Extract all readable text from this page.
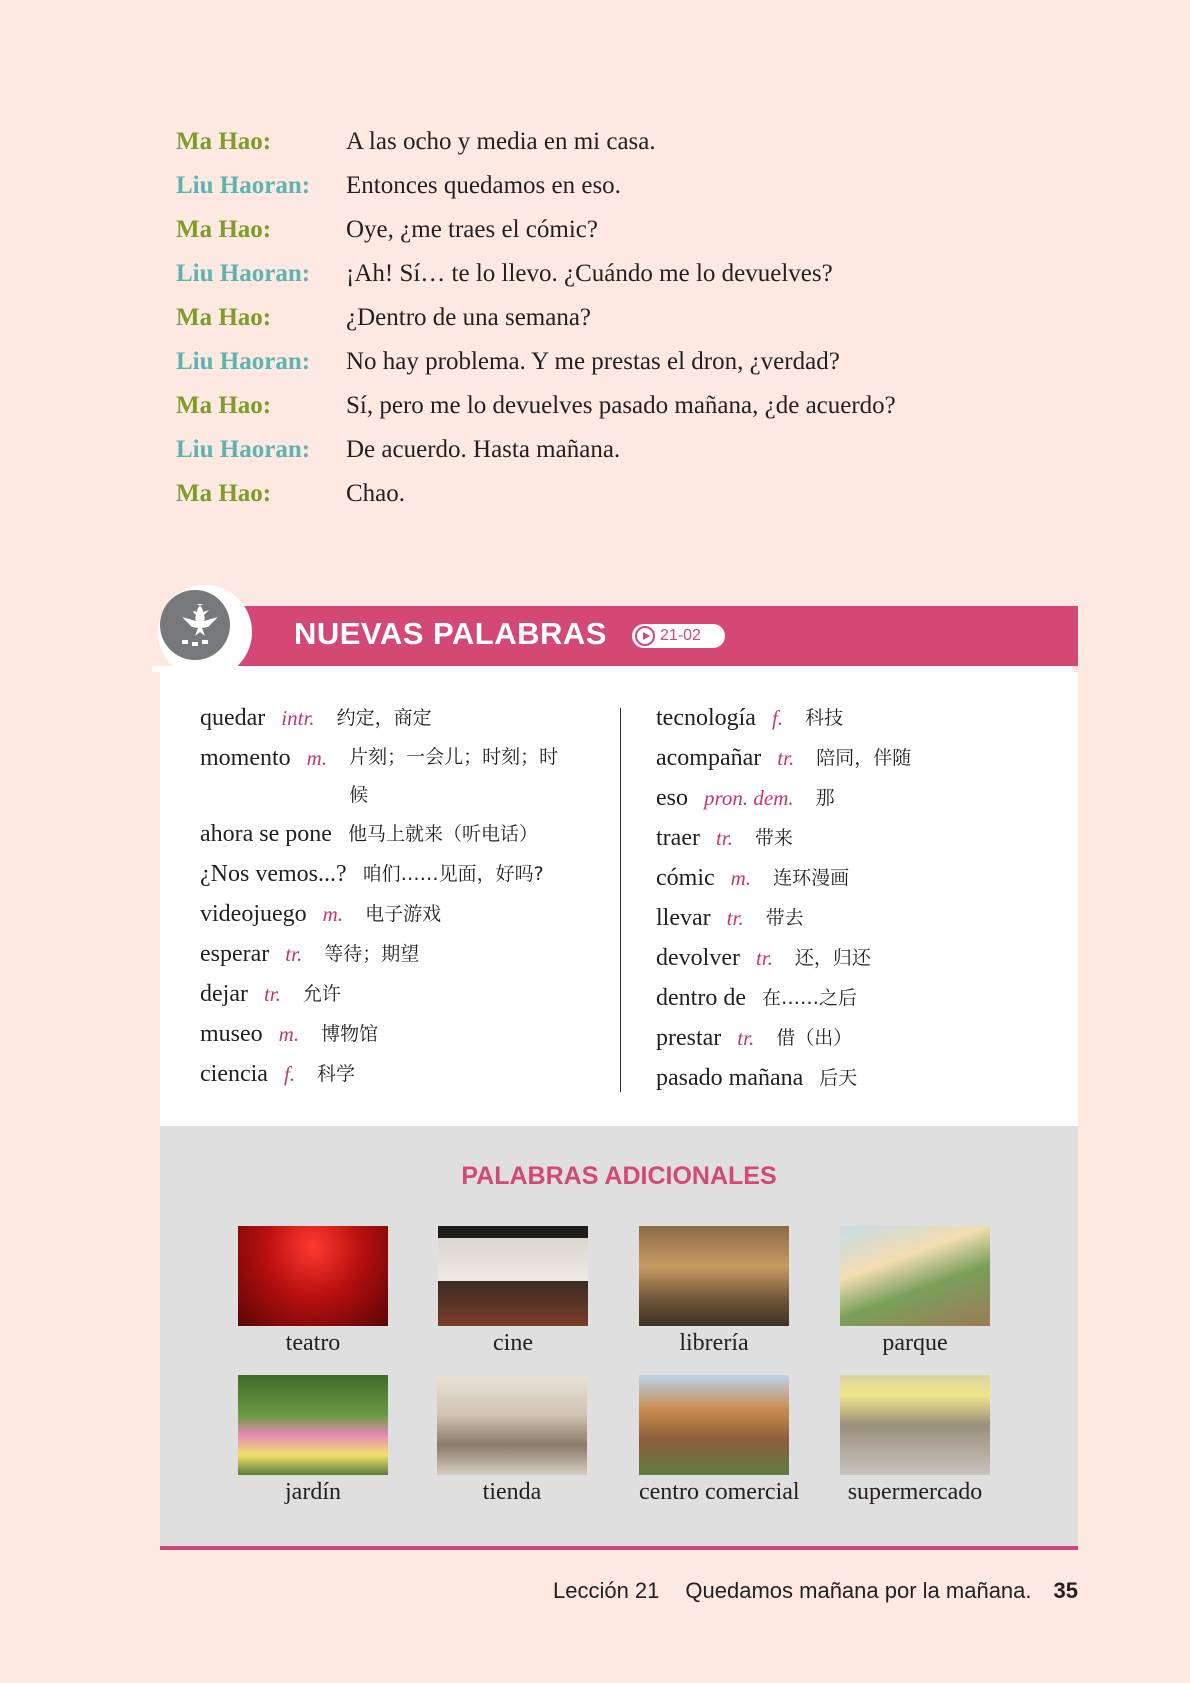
Ma Hao:	A las ocho y media en mi casa.
Liu Haoran:	Entonces quedamos en eso.
Ma Hao:	Oye, ¿me traes el cómic?
Liu Haoran:	¡Ah! Sí… te lo llevo. ¿Cuándo me lo devuelves?
Ma Hao:	¿Dentro de una semana?
Liu Haoran:	No hay problema. Y me prestas el dron, ¿verdad?
Ma Hao:	Sí, pero me lo devuelves pasado mañana, ¿de acuerdo?
Liu Haoran:	De acuerdo. Hasta mañana.
Ma Hao:	Chao.
NUEVAS PALABRAS	21-02
quedar intr. 约定，商定
momento m. 片刻；一会儿；时刻；时候
ahora se pone 他马上就来（听电话）
¿Nos vemos...? 咱们……见面，好吗?
videojuego m. 电子游戏
esperar tr. 等待；期望
dejar tr. 允许
museo m. 博物馆
ciencia f. 科学
tecnología f. 科技
acompañar tr. 陪同，伴随
eso pron. dem. 那
traer tr. 带来
cómic m. 连环漫画
llevar tr. 带去
devolver tr. 还，归还
dentro de 在……之后
prestar tr. 借（出）
pasado mañana 后天
PALABRAS ADICIONALES
teatro	cine	librería	parque
jardín	tienda	centro comercial	supermercado
Lección 21 Quedamos mañana por la mañana. 35
